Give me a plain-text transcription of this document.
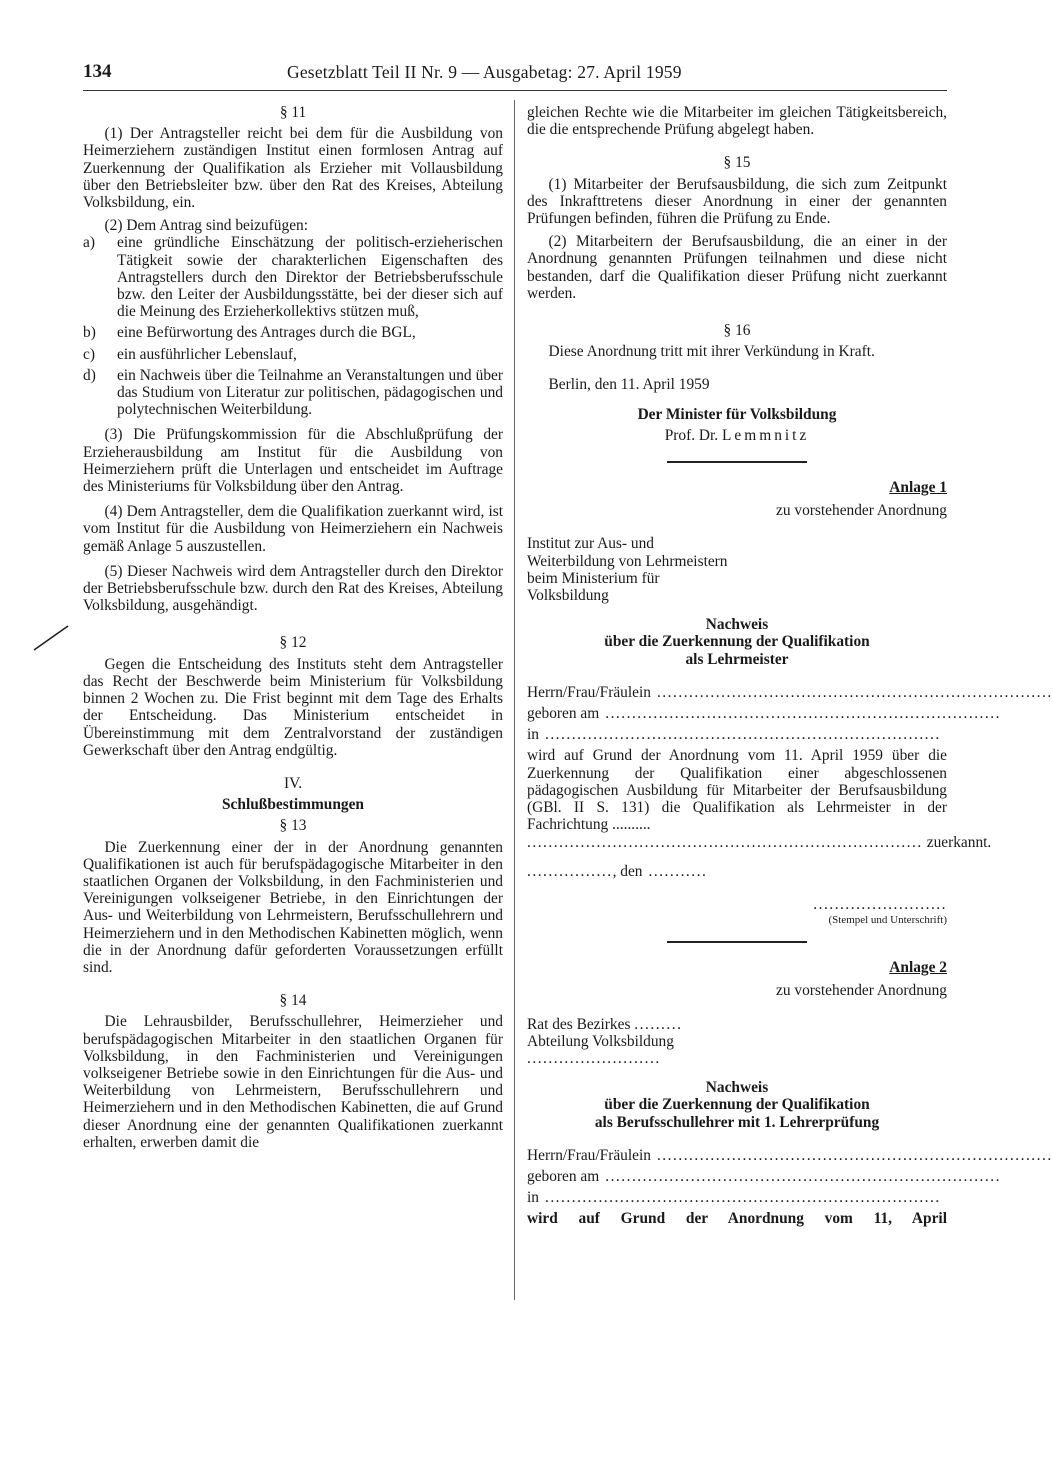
134	Gesetzblatt Teil II Nr. 9 — Ausgabetag: 27. April 1959

§ 11

(1) Der Antragsteller reicht bei dem für die Ausbildung von Heimerziehern zuständigen Institut einen formlosen Antrag auf Zuerkennung der Qualifikation als Erzieher mit Vollausbildung über den Betriebsleiter bzw. über den Rat des Kreises, Abteilung Volksbildung, ein.

(2) Dem Antrag sind beizufügen:

a)	eine gründliche Einschätzung der politisch-erzieherischen Tätigkeit sowie der charakterlichen Eigenschaften des Antragstellers durch den Direktor der Betriebsberufsschule bzw. den Leiter der Ausbildungsstätte, bei der dieser sich auf die Meinung des Erzieherkollektivs stützen muß,
b)	eine Befürwortung des Antrages durch die BGL,
c)	ein ausführlicher Lebenslauf,
d)	ein Nachweis über die Teilnahme an Veranstaltungen und über das Studium von Literatur zur politischen, pädagogischen und polytechnischen Weiterbildung.

(3) Die Prüfungskommission für die Abschlußprüfung der Erzieherausbildung am Institut für die Ausbildung von Heimerziehern prüft die Unterlagen und entscheidet im Auftrage des Ministeriums für Volksbildung über den Antrag.

(4) Dem Antragsteller, dem die Qualifikation zuerkannt wird, ist vom Institut für die Ausbildung von Heimerziehern ein Nachweis gemäß Anlage 5 auszustellen.

(5) Dieser Nachweis wird dem Antragsteller durch den Direktor der Betriebsberufsschule bzw. durch den Rat des Kreises, Abteilung Volksbildung, ausgehändigt.

§ 12

Gegen die Entscheidung des Instituts steht dem Antragsteller das Recht der Beschwerde beim Ministerium für Volksbildung binnen 2 Wochen zu. Die Frist beginnt mit dem Tage des Erhalts der Entscheidung. Das Ministerium entscheidet in Übereinstimmung mit dem Zentralvorstand der zuständigen Gewerkschaft über den Antrag endgültig.

IV.

Schlußbestimmungen

§ 13

Die Zuerkennung einer der in der Anordnung genannten Qualifikationen ist auch für berufspädagogische Mitarbeiter in den staatlichen Organen der Volksbildung, in den Fachministerien und Vereinigungen volkseigener Betriebe, in den Einrichtungen der Aus- und Weiterbildung von Lehrmeistern, Berufsschullehrern und Heimerziehern und in den Methodischen Kabinetten möglich, wenn die in der Anordnung dafür geforderten Voraussetzungen erfüllt sind.

§ 14

Die Lehrausbilder, Berufsschullehrer, Heimerzieher und berufspädagogischen Mitarbeiter in den staatlichen Organen für Volksbildung, in den Fachministerien und Vereinigungen volkseigener Betriebe sowie in den Einrichtungen für die Aus- und Weiterbildung von Lehrmeistern, Berufsschullehrern und Heimerziehern und in den Methodischen Kabinetten, die auf Grund dieser Anordnung eine der genannten Qualifikationen zuerkannt erhalten, erwerben damit die

gleichen Rechte wie die Mitarbeiter im gleichen Tätigkeitsbereich, die die entsprechende Prüfung abgelegt haben.

§ 15

(1) Mitarbeiter der Berufsausbildung, die sich zum Zeitpunkt des Inkrafttretens dieser Anordnung in einer der genannten Prüfungen befinden, führen die Prüfung zu Ende.

(2) Mitarbeitern der Berufsausbildung, die an einer in der Anordnung genannten Prüfungen teilnahmen und diese nicht bestanden, darf die Qualifikation dieser Prüfung nicht zuerkannt werden.

§ 16

Diese Anordnung tritt mit ihrer Verkündung in Kraft.

Berlin, den 11. April 1959

Der Minister für Volksbildung

Prof. Dr. Lemmnitz

Anlage 1

zu vorstehender Anordnung

Institut zur Aus- und Weiterbildung von Lehrmeistern beim Ministerium für Volksbildung

Nachweis

über die Zuerkennung der Qualifikation

als Lehrmeister

Herrn/Frau/Fräulein ..........................................................................
geboren am ..........................................................................
in ..........................................................................

wird auf Grund der Anordnung vom 11. April 1959 über die Zuerkennung der Qualifikation einer abgeschlossenen pädagogischen Ausbildung für Mitarbeiter der Berufsausbildung (GBl. II S. 131) die Qualifikation als Lehrmeister in der Fachrichtung ..........

.......................................................................... zuerkannt.
................ , den ...........

.........................

(Stempel und Unterschrift)

Anlage 2

zu vorstehender Anordnung

Rat des Bezirkes .........

Abteilung Volksbildung

.........................

Nachweis

über die Zuerkennung der Qualifikation

als Berufsschullehrer mit 1. Lehrerprüfung

Herrn/Frau/Fräulein ..........................................................................
geboren am ..........................................................................
in ..........................................................................

wird auf Grund der Anordnung vom 11, April
